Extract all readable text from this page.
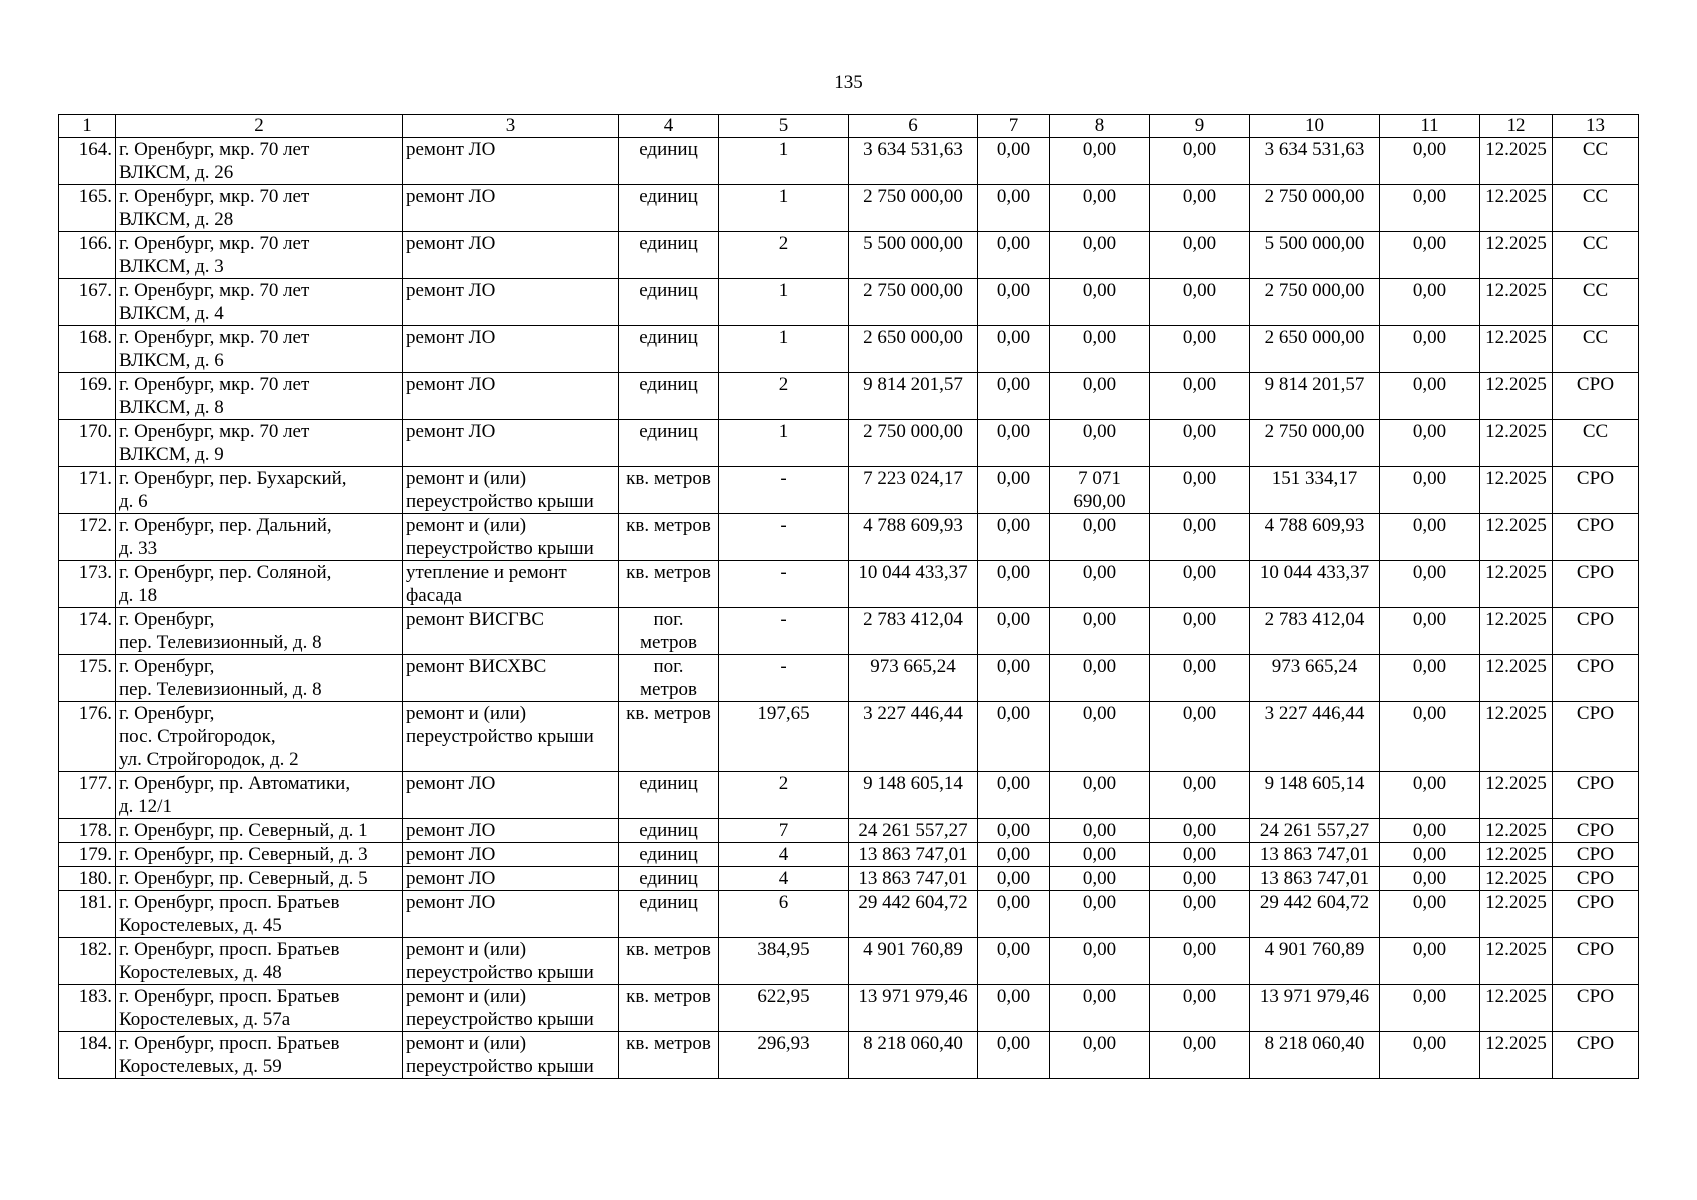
135
1	2	3	4	5	6	7	8	9	10	11	12	13
164.	г. Оренбург, мкр. 70 лет
ВЛКСМ, д. 26	ремонт ЛО	единиц	1	3 634 531,63	0,00	0,00	0,00	3 634 531,63	0,00	12.2025	СС
165.	г. Оренбург, мкр. 70 лет
ВЛКСМ, д. 28	ремонт ЛО	единиц	1	2 750 000,00	0,00	0,00	0,00	2 750 000,00	0,00	12.2025	СС
166.	г. Оренбург, мкр. 70 лет
ВЛКСМ, д. 3	ремонт ЛО	единиц	2	5 500 000,00	0,00	0,00	0,00	5 500 000,00	0,00	12.2025	СС
167.	г. Оренбург, мкр. 70 лет
ВЛКСМ, д. 4	ремонт ЛО	единиц	1	2 750 000,00	0,00	0,00	0,00	2 750 000,00	0,00	12.2025	СС
168.	г. Оренбург, мкр. 70 лет
ВЛКСМ, д. 6	ремонт ЛО	единиц	1	2 650 000,00	0,00	0,00	0,00	2 650 000,00	0,00	12.2025	СС
169.	г. Оренбург, мкр. 70 лет
ВЛКСМ, д. 8	ремонт ЛО	единиц	2	9 814 201,57	0,00	0,00	0,00	9 814 201,57	0,00	12.2025	СРО
170.	г. Оренбург, мкр. 70 лет
ВЛКСМ, д. 9	ремонт ЛО	единиц	1	2 750 000,00	0,00	0,00	0,00	2 750 000,00	0,00	12.2025	СС
171.	г. Оренбург, пер. Бухарский,
д. 6	ремонт и (или)
переустройство крыши	кв. метров	-	7 223 024,17	0,00	7 071 690,00	0,00	151 334,17	0,00	12.2025	СРО
172.	г. Оренбург, пер. Дальний,
д. 33	ремонт и (или)
переустройство крыши	кв. метров	-	4 788 609,93	0,00	0,00	0,00	4 788 609,93	0,00	12.2025	СРО
173.	г. Оренбург, пер. Соляной,
д. 18	утепление и ремонт
фасада	кв. метров	-	10 044 433,37	0,00	0,00	0,00	10 044 433,37	0,00	12.2025	СРО
174.	г. Оренбург,
пер. Телевизионный, д. 8	ремонт ВИСГВС	пог.
метров	-	2 783 412,04	0,00	0,00	0,00	2 783 412,04	0,00	12.2025	СРО
175.	г. Оренбург,
пер. Телевизионный, д. 8	ремонт ВИСХВС	пог.
метров	-	973 665,24	0,00	0,00	0,00	973 665,24	0,00	12.2025	СРО
176.	г. Оренбург,
пос. Стройгородок,
ул. Стройгородок, д. 2	ремонт и (или)
переустройство крыши	кв. метров	197,65	3 227 446,44	0,00	0,00	0,00	3 227 446,44	0,00	12.2025	СРО
177.	г. Оренбург, пр. Автоматики,
д. 12/1	ремонт ЛО	единиц	2	9 148 605,14	0,00	0,00	0,00	9 148 605,14	0,00	12.2025	СРО
178.	г. Оренбург, пр. Северный, д. 1	ремонт ЛО	единиц	7	24 261 557,27	0,00	0,00	0,00	24 261 557,27	0,00	12.2025	СРО
179.	г. Оренбург, пр. Северный, д. 3	ремонт ЛО	единиц	4	13 863 747,01	0,00	0,00	0,00	13 863 747,01	0,00	12.2025	СРО
180.	г. Оренбург, пр. Северный, д. 5	ремонт ЛО	единиц	4	13 863 747,01	0,00	0,00	0,00	13 863 747,01	0,00	12.2025	СРО
181.	г. Оренбург, просп. Братьев
Коростелевых, д. 45	ремонт ЛО	единиц	6	29 442 604,72	0,00	0,00	0,00	29 442 604,72	0,00	12.2025	СРО
182.	г. Оренбург, просп. Братьев
Коростелевых, д. 48	ремонт и (или)
переустройство крыши	кв. метров	384,95	4 901 760,89	0,00	0,00	0,00	4 901 760,89	0,00	12.2025	СРО
183.	г. Оренбург, просп. Братьев
Коростелевых, д. 57а	ремонт и (или)
переустройство крыши	кв. метров	622,95	13 971 979,46	0,00	0,00	0,00	13 971 979,46	0,00	12.2025	СРО
184.	г. Оренбург, просп. Братьев
Коростелевых, д. 59	ремонт и (или)
переустройство крыши	кв. метров	296,93	8 218 060,40	0,00	0,00	0,00	8 218 060,40	0,00	12.2025	СРО
